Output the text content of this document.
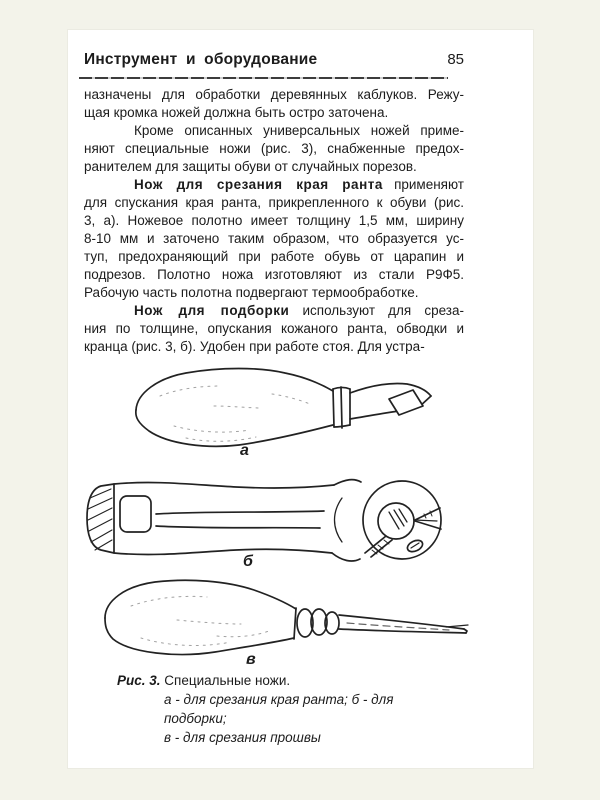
Инструмент и оборудование	85

назначены для обработки деревянных каблуков. Режу-

щая кромка ножей должна быть остро заточена.

Кроме описанных универсальных ножей приме-

няют специальные ножи (рис. 3), снабженные предох-

ранителем для защиты обуви от случайных порезов.

Нож для срезания края ранта применяют

для спускания края ранта, прикрепленного к обуви (рис.

3, а). Ножевое полотно имеет толщину 1,5 мм, ширину

8-10 мм и заточено таким образом, что образуется ус-

туп, предохраняющий при работе обувь от царапин и

подрезов. Полотно ножа изготовляют из стали Р9Ф5.

Рабочую часть полотна подвергают термообработке.

Нож для подборки используют для среза-

ния по толщине, опускания кожаного ранта, обводки и

кранца (рис. 3, б). Удобен при работе стоя. Для устра-

а
б
в

Рис. 3. Специальные ножи.

а - для срезания края ранта; б - для подборки;

в - для срезания прошвы
